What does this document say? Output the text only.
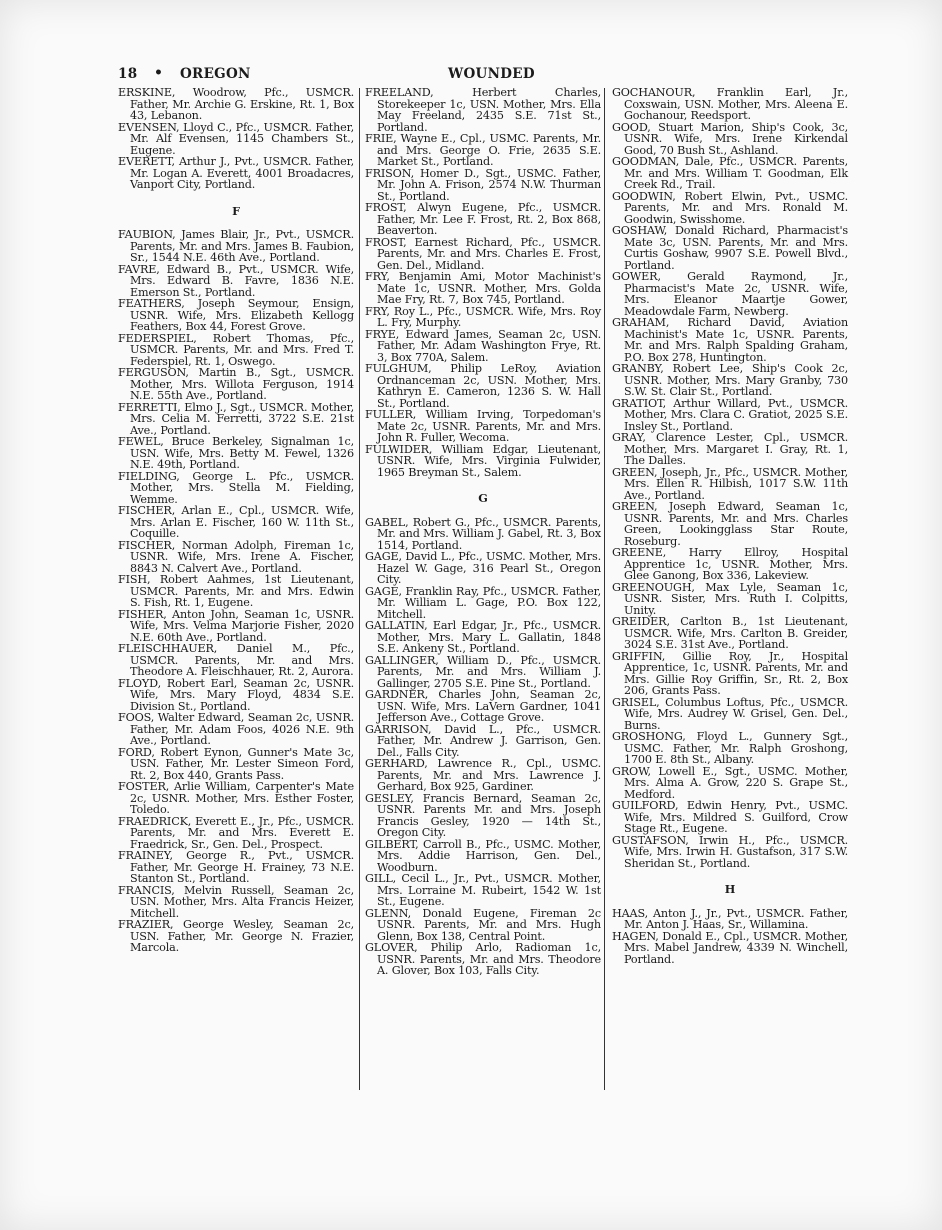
18 • OREGON	WOUNDED

ERSKINE, Woodrow, Pfc., USMCR. Father, Mr. Archie G. Erskine, Rt. 1, Box 43, Lebanon.

EVENSEN, Lloyd C., Pfc., USMCR. Father, Mr. Alf Evensen, 1145 Chambers St., Eugene.

EVERETT, Arthur J., Pvt., USMCR. Father, Mr. Logan A. Everett, 4001 Broadacres, Vanport City, Portland.

F

FAUBION, James Blair, Jr., Pvt., USMCR. Parents, Mr. and Mrs. James B. Faubion, Sr., 1544 N.E. 46th Ave., Portland.

FAVRE, Edward B., Pvt., USMCR. Wife, Mrs. Edward B. Favre, 1836 N.E. Emerson St., Portland.

FEATHERS, Joseph Seymour, Ensign, USNR. Wife, Mrs. Elizabeth Kellogg Feathers, Box 44, Forest Grove.

FEDERSPIEL, Robert Thomas, Pfc., USMCR. Parents, Mr. and Mrs. Fred T. Federspiel, Rt. 1, Oswego.

FERGUSON, Martin B., Sgt., USMCR. Mother, Mrs. Willota Ferguson, 1914 N.E. 55th Ave., Portland.

FERRETTI, Elmo J., Sgt., USMCR. Mother, Mrs. Celia M. Ferretti, 3722 S.E. 21st Ave., Portland.

FEWEL, Bruce Berkeley, Signalman 1c, USN. Wife, Mrs. Betty M. Fewel, 1326 N.E. 49th, Portland.

FIELDING, George L. Pfc., USMCR. Mother, Mrs. Stella M. Fielding, Wemme.

FISCHER, Arlan E., Cpl., USMCR. Wife, Mrs. Arlan E. Fischer, 160 W. 11th St., Coquille.

FISCHER, Norman Adolph, Fireman 1c, USNR. Wife, Mrs. Irene A. Fischer, 8843 N. Calvert Ave., Portland.

FISH, Robert Aahmes, 1st Lieutenant, USMCR. Parents, Mr. and Mrs. Edwin S. Fish, Rt. 1, Eugene.

FISHER, Anton John, Seaman 1c, USNR. Wife, Mrs. Velma Marjorie Fisher, 2020 N.E. 60th Ave., Portland.

FLEISCHHAUER, Daniel M., Pfc., USMCR. Parents, Mr. and Mrs. Theodore A. Fleischhauer, Rt. 2, Aurora.

FLOYD, Robert Earl, Seaman 2c, USNR. Wife, Mrs. Mary Floyd, 4834 S.E. Division St., Portland.

FOOS, Walter Edward, Seaman 2c, USNR. Father, Mr. Adam Foos, 4026 N.E. 9th Ave., Portland.

FORD, Robert Eynon, Gunner's Mate 3c, USN. Father, Mr. Lester Simeon Ford, Rt. 2, Box 440, Grants Pass.

FOSTER, Arlie William, Carpenter's Mate 2c, USNR. Mother, Mrs. Esther Foster, Toledo.

FRAEDRICK, Everett E., Jr., Pfc., USMCR. Parents, Mr. and Mrs. Everett E. Fraedrick, Sr., Gen. Del., Prospect.

FRAINEY, George R., Pvt., USMCR. Father, Mr. George H. Frainey, 73 N.E. Stanton St., Portland.

FRANCIS, Melvin Russell, Seaman 2c, USN. Mother, Mrs. Alta Francis Heizer, Mitchell.

FRAZIER, George Wesley, Seaman 2c, USN. Father, Mr. George N. Frazier, Marcola.

FREELAND, Herbert Charles, Storekeeper 1c, USN. Mother, Mrs. Ella May Freeland, 2435 S.E. 71st St., Portland.

FRIE, Wayne E., Cpl., USMC. Parents, Mr. and Mrs. George O. Frie, 2635 S.E. Market St., Portland.

FRISON, Homer D., Sgt., USMC. Father, Mr. John A. Frison, 2574 N.W. Thurman St., Portland.

FROST, Alwyn Eugene, Pfc., USMCR. Father, Mr. Lee F. Frost, Rt. 2, Box 868, Beaverton.

FROST, Earnest Richard, Pfc., USMCR. Parents, Mr. and Mrs. Charles E. Frost, Gen. Del., Midland.

FRY, Benjamin Ami, Motor Machinist's Mate 1c, USNR. Mother, Mrs. Golda Mae Fry, Rt. 7, Box 745, Portland.

FRY, Roy L., Pfc., USMCR. Wife, Mrs. Roy L. Fry, Murphy.

FRYE, Edward James, Seaman 2c, USN. Father, Mr. Adam Washington Frye, Rt. 3, Box 770A, Salem.

FULGHUM, Philip LeRoy, Aviation Ordnanceman 2c, USN. Mother, Mrs. Kathryn E. Cameron, 1236 S. W. Hall St., Portland.

FULLER, William Irving, Torpedoman's Mate 2c, USNR. Parents, Mr. and Mrs. John R. Fuller, Wecoma.

FULWIDER, William Edgar, Lieutenant, USNR. Wife, Mrs. Virginia Fulwider, 1965 Breyman St., Salem.

G

GABEL, Robert G., Pfc., USMCR. Parents, Mr. and Mrs. William J. Gabel, Rt. 3, Box 1514, Portland.

GAGE, David L., Pfc., USMC. Mother, Mrs. Hazel W. Gage, 316 Pearl St., Oregon City.

GAGE, Franklin Ray, Pfc., USMCR. Father, Mr. William L. Gage, P.O. Box 122, Mitchell.

GALLATIN, Earl Edgar, Jr., Pfc., USMCR. Mother, Mrs. Mary L. Gallatin, 1848 S.E. Ankeny St., Portland.

GALLINGER, William D., Pfc., USMCR. Parents, Mr. and Mrs. William J. Gallinger, 2705 S.E. Pine St., Portland.

GARDNER, Charles John, Seaman 2c, USN. Wife, Mrs. LaVern Gardner, 1041 Jefferson Ave., Cottage Grove.

GARRISON, David L., Pfc., USMCR. Father, Mr. Andrew J. Garrison, Gen. Del., Falls City.

GERHARD, Lawrence R., Cpl., USMC. Parents, Mr. and Mrs. Lawrence J. Gerhard, Box 925, Gardiner.

GESLEY, Francis Bernard, Seaman 2c, USNR. Parents Mr. and Mrs. Joseph Francis Gesley, 1920 — 14th St., Oregon City.

GILBERT, Carroll B., Pfc., USMC. Mother, Mrs. Addie Harrison, Gen. Del., Woodburn.

GILL, Cecil L., Jr., Pvt., USMCR. Mother, Mrs. Lorraine M. Rubeirt, 1542 W. 1st St., Eugene.

GLENN, Donald Eugene, Fireman 2c USNR. Parents, Mr. and Mrs. Hugh Glenn, Box 138, Central Point.

GLOVER, Philip Arlo, Radioman 1c, USNR. Parents, Mr. and Mrs. Theodore A. Glover, Box 103, Falls City.

GOCHANOUR, Franklin Earl, Jr., Coxswain, USN. Mother, Mrs. Aleena E. Gochanour, Reedsport.

GOOD, Stuart Marion, Ship's Cook, 3c, USNR. Wife, Mrs. Irene Kirkendal Good, 70 Bush St., Ashland.

GOODMAN, Dale, Pfc., USMCR. Parents, Mr. and Mrs. William T. Goodman, Elk Creek Rd., Trail.

GOODWIN, Robert Elwin, Pvt., USMC. Parents, Mr. and Mrs. Ronald M. Goodwin, Swisshome.

GOSHAW, Donald Richard, Pharmacist's Mate 3c, USN. Parents, Mr. and Mrs. Curtis Goshaw, 9907 S.E. Powell Blvd., Portland.

GOWER, Gerald Raymond, Jr., Pharmacist's Mate 2c, USNR. Wife, Mrs. Eleanor Maartje Gower, Meadowdale Farm, Newberg.

GRAHAM, Richard David, Aviation Machinist's Mate 1c, USNR. Parents, Mr. and Mrs. Ralph Spalding Graham, P.O. Box 278, Huntington.

GRANBY, Robert Lee, Ship's Cook 2c, USNR. Mother, Mrs. Mary Granby, 730 S.W. St. Clair St., Portland.

GRATIOT, Arthur Willard, Pvt., USMCR. Mother, Mrs. Clara C. Gratiot, 2025 S.E. Insley St., Portland.

GRAY, Clarence Lester, Cpl., USMCR. Mother, Mrs. Margaret I. Gray, Rt. 1, The Dalles.

GREEN, Joseph, Jr., Pfc., USMCR. Mother, Mrs. Ellen R. Hilbish, 1017 S.W. 11th Ave., Portland.

GREEN, Joseph Edward, Seaman 1c, USNR. Parents, Mr. and Mrs. Charles Green, Lookingglass Star Route, Roseburg.

GREENE, Harry Ellroy, Hospital Apprentice 1c, USNR. Mother, Mrs. Glee Ganong, Box 336, Lakeview.

GREENOUGH, Max Lyle, Seaman 1c, USNR. Sister, Mrs. Ruth I. Colpitts, Unity.

GREIDER, Carlton B., 1st Lieutenant, USMCR. Wife, Mrs. Carlton B. Greider, 3024 S.E. 31st Ave., Portland.

GRIFFIN, Gillie Roy, Jr., Hospital Apprentice, 1c, USNR. Parents, Mr. and Mrs. Gillie Roy Griffin, Sr., Rt. 2, Box 206, Grants Pass.

GRISEL, Columbus Loftus, Pfc., USMCR. Wife, Mrs. Audrey W. Grisel, Gen. Del., Burns.

GROSHONG, Floyd L., Gunnery Sgt., USMC. Father, Mr. Ralph Groshong, 1700 E. 8th St., Albany.

GROW, Lowell E., Sgt., USMC. Mother, Mrs. Alma A. Grow, 220 S. Grape St., Medford.

GUILFORD, Edwin Henry, Pvt., USMC. Wife, Mrs. Mildred S. Guilford, Crow Stage Rt., Eugene.

GUSTAFSON, Irwin H., Pfc., USMCR. Wife, Mrs. Irwin H. Gustafson, 317 S.W. Sheridan St., Portland.

H

HAAS, Anton J., Jr., Pvt., USMCR. Father, Mr. Anton J. Haas, Sr., Willamina.

HAGEN, Donald E., Cpl., USMCR. Mother, Mrs. Mabel Jandrew, 4339 N. Winchell, Portland.
